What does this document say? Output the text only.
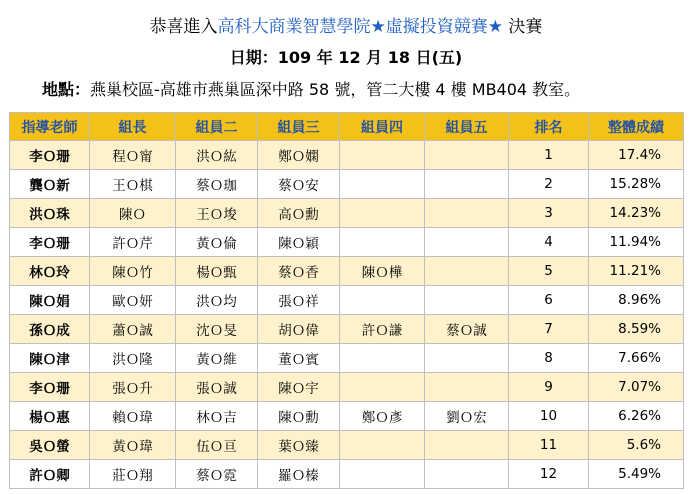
恭喜進入高科大商業智慧學院★虛擬投資競賽★ 決賽
日期：109 年 12 月 18 日(五)
地點：燕巢校區-高雄市燕巢區深中路 58 號，管二大樓 4 樓 MB404 教室。
指導老師	組長	組員二	組員三	組員四	組員五	排名	整體成績
李Ｏ珊	程Ｏ甯	洪Ｏ紘	鄭Ｏ嫻			1	17.4%
龔Ｏ新	王Ｏ棋	蔡Ｏ珈	蔡Ｏ安			2	15.28%
洪Ｏ珠	陳Ｏ	王Ｏ埈	高Ｏ勳			3	14.23%
李Ｏ珊	許Ｏ芹	黃Ｏ倫	陳Ｏ穎			4	11.94%
林Ｏ玲	陳Ｏ竹	楊Ｏ甄	蔡Ｏ香	陳Ｏ樺		5	11.21%
陳Ｏ娟	歐Ｏ妍	洪Ｏ均	張Ｏ祥			6	8.96%
孫Ｏ成	蕭Ｏ誠	沈Ｏ旻	胡Ｏ偉	許Ｏ謙	蔡Ｏ誠	7	8.59%
陳Ｏ津	洪Ｏ隆	黃Ｏ維	董Ｏ賓			8	7.66%
李Ｏ珊	張Ｏ升	張Ｏ誠	陳Ｏ宇			9	7.07%
楊Ｏ惠	賴Ｏ瑋	林Ｏ吉	陳Ｏ勳	鄭Ｏ彥	劉Ｏ宏	10	6.26%
吳Ｏ螢	黃Ｏ瑋	伍Ｏ亘	葉Ｏ臻			11	5.6%
許Ｏ卿	莊Ｏ翔	蔡Ｏ霓	羅Ｏ榛			12	5.49%
